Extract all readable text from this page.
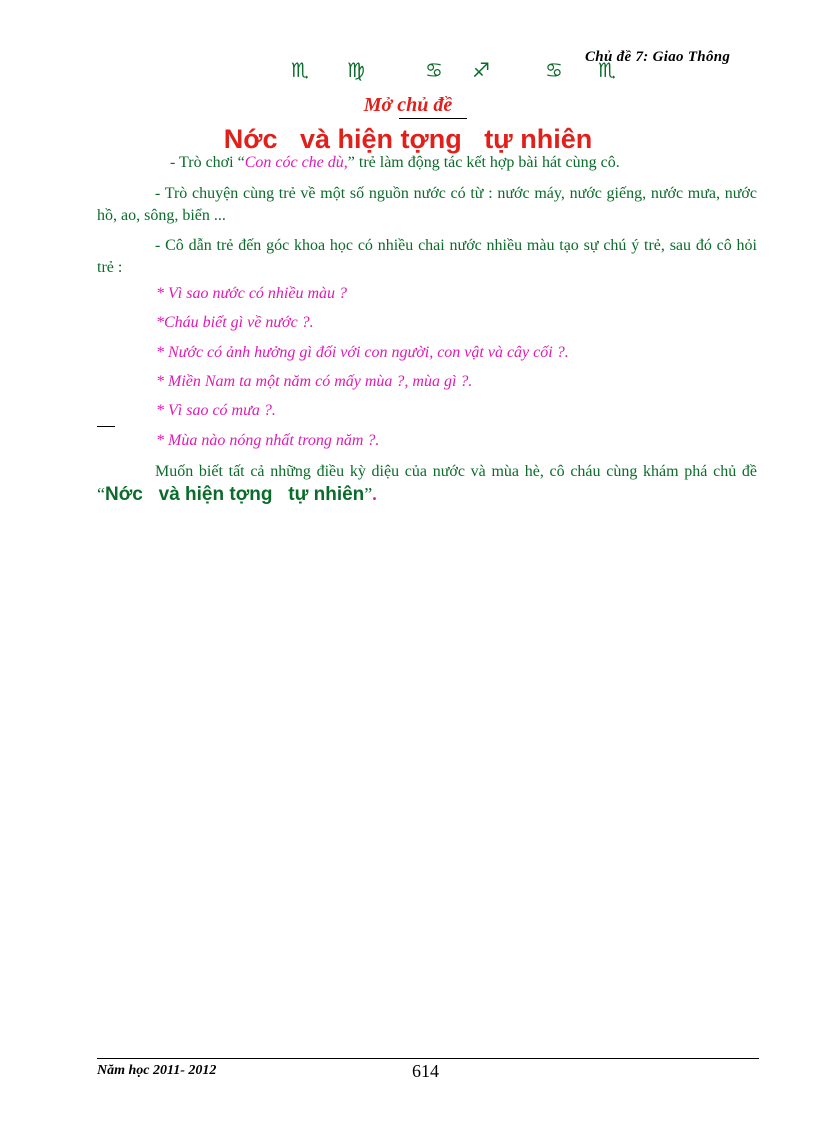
Chủ đề 7: Giao Thông
♏ ♍	♋ ♐	♋ ♏
Mở chủ đề
Nớc   và hiện tợng   tự nhiên
- Trò chơi “Con cóc che dù,” trẻ làm động tác kết hợp bài hát cùng cô.
- Trò chuyện cùng trẻ về một số nguồn nước có từ : nước máy, nước giếng, nước mưa, nước hồ, ao, sông, biển ...
- Cô dẫn trẻ đến góc khoa học có nhiều chai nước nhiều màu tạo sự chú ý trẻ, sau đó cô hỏi trẻ :
* Vì sao nước có nhiều màu ?
*Cháu biết gì về nước ?.
* Nước có ảnh hưởng gì đối với con người, con vật và cây cối ?.
* Miền Nam ta một năm có mấy mùa ?, mùa gì ?.
* Vì sao có mưa ?.
* Mùa nào nóng nhất trong năm ?.
Muốn biết tất cả những điều kỳ diệu của nước và mùa hè, cô cháu cùng khám phá chủ đề “Nớc   và hiện tợng   tự nhiên”.
Năm học 2011- 2012	614
